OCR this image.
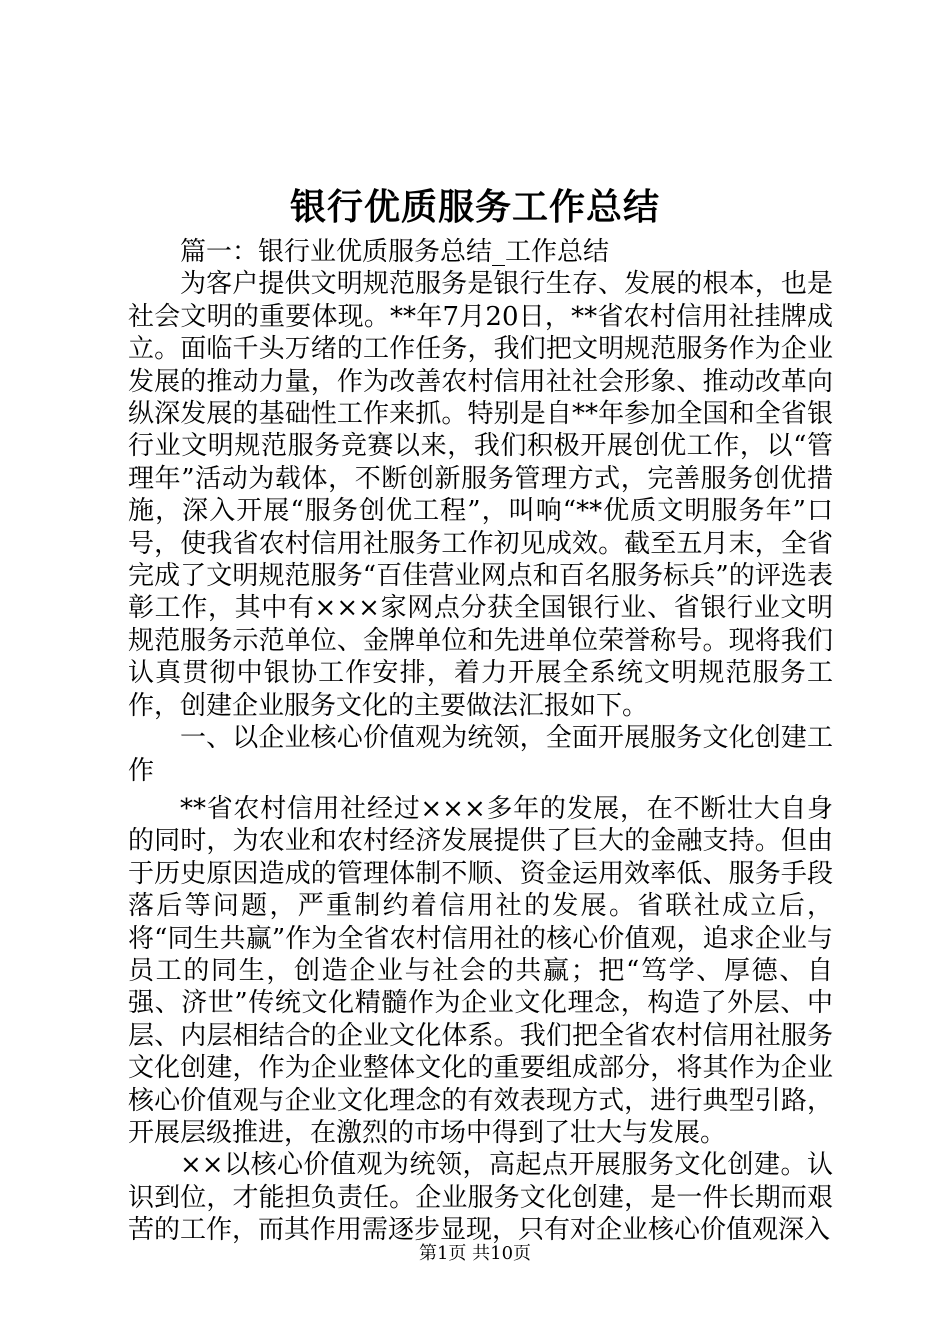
银行优质服务工作总结

篇一：银行业优质服务总结_工作总结

为客户提供文明规范服务是银行生存、发展的根本，也是社会文明的重要体现。**年7月20日，**省农村信用社挂牌成立。面临千头万绪的工作任务，我们把文明规范服务作为企业发展的推动力量，作为改善农村信用社社会形象、推动改革向纵深发展的基础性工作来抓。特别是自**年参加全国和全省银行业文明规范服务竞赛以来，我们积极开展创优工作，以“管理年”活动为载体，不断创新服务管理方式，完善服务创优措施，深入开展“服务创优工程”，叫响“**优质文明服务年”口号，使我省农村信用社服务工作初见成效。截至五月末，全省完成了文明规范服务“百佳营业网点和百名服务标兵”的评选表彰工作，其中有×××家网点分获全国银行业、省银行业文明规范服务示范单位、金牌单位和先进单位荣誉称号。现将我们认真贯彻中银协工作安排，着力开展全系统文明规范服务工作，创建企业服务文化的主要做法汇报如下。

一、以企业核心价值观为统领，全面开展服务文化创建工作

**省农村信用社经过×××多年的发展，在不断壮大自身的同时，为农业和农村经济发展提供了巨大的金融支持。但由于历史原因造成的管理体制不顺、资金运用效率低、服务手段落后等问题，严重制约着信用社的发展。省联社成立后，将“同生共赢”作为全省农村信用社的核心价值观，追求企业与员工的同生，创造企业与社会的共赢；把“笃学、厚德、自强、济世”传统文化精髓作为企业文化理念，构造了外层、中层、内层相结合的企业文化体系。我们把全省农村信用社服务文化创建，作为企业整体文化的重要组成部分，将其作为企业核心价值观与企业文化理念的有效表现方式，进行典型引路，开展层级推进，在激烈的市场中得到了壮大与发展。

××以核心价值观为统领，高起点开展服务文化创建。认识到位，才能担负责任。企业服务文化创建，是一件长期而艰苦的工作，而其作用需逐步显现，只有对企业核心价值观深入

第1页 共10页
